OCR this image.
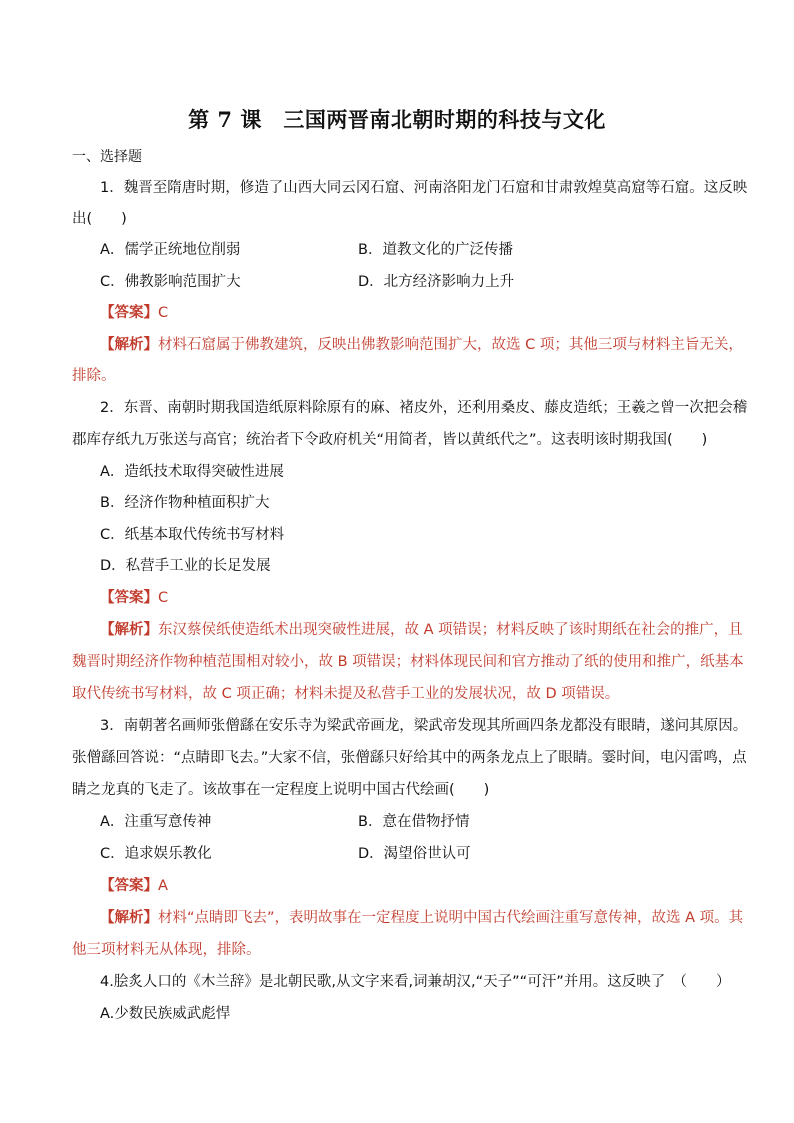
第 7 课　三国两晋南北朝时期的科技与文化
一、选择题
1．魏晋至隋唐时期，修造了山西大同云冈石窟、河南洛阳龙门石窟和甘肃敦煌莫高窟等石窟。这反映
出(　　)
A．儒学正统地位削弱	B．道教文化的广泛传播
C．佛教影响范围扩大	D．北方经济影响力上升
【答案】C
【解析】材料石窟属于佛教建筑，反映出佛教影响范围扩大，故选 C 项；其他三项与材料主旨无关，
排除。
2．东晋、南朝时期我国造纸原料除原有的麻、褚皮外，还利用桑皮、藤皮造纸；王羲之曾一次把会稽
郡库存纸九万张送与高官；统治者下令政府机关“用简者，皆以黄纸代之”。这表明该时期我国(　　)
A．造纸技术取得突破性进展
B．经济作物种植面积扩大
C．纸基本取代传统书写材料
D．私营手工业的长足发展
【答案】C
【解析】东汉蔡侯纸使造纸术出现突破性进展，故 A 项错误；材料反映了该时期纸在社会的推广，且
魏晋时期经济作物种植范围相对较小，故 B 项错误；材料体现民间和官方推动了纸的使用和推广，纸基本
取代传统书写材料，故 C 项正确；材料未提及私营手工业的发展状况，故 D 项错误。
3．南朝著名画师张僧繇在安乐寺为梁武帝画龙，梁武帝发现其所画四条龙都没有眼睛，遂问其原因。
张僧繇回答说：“点睛即飞去。”大家不信，张僧繇只好给其中的两条龙点上了眼睛。霎时间，电闪雷鸣，点
睛之龙真的飞走了。该故事在一定程度上说明中国古代绘画(　　)
A．注重写意传神	B．意在借物抒情
C．追求娱乐教化	D．渴望俗世认可
【答案】A
【解析】材料“点睛即飞去”，表明故事在一定程度上说明中国古代绘画注重写意传神，故选 A 项。其
他三项材料无从体现，排除。
4.脍炙人口的《木兰辞》是北朝民歌,从文字来看,词兼胡汉,“天子”“可汗”并用。这反映了　（　　）
A.少数民族威武彪悍
